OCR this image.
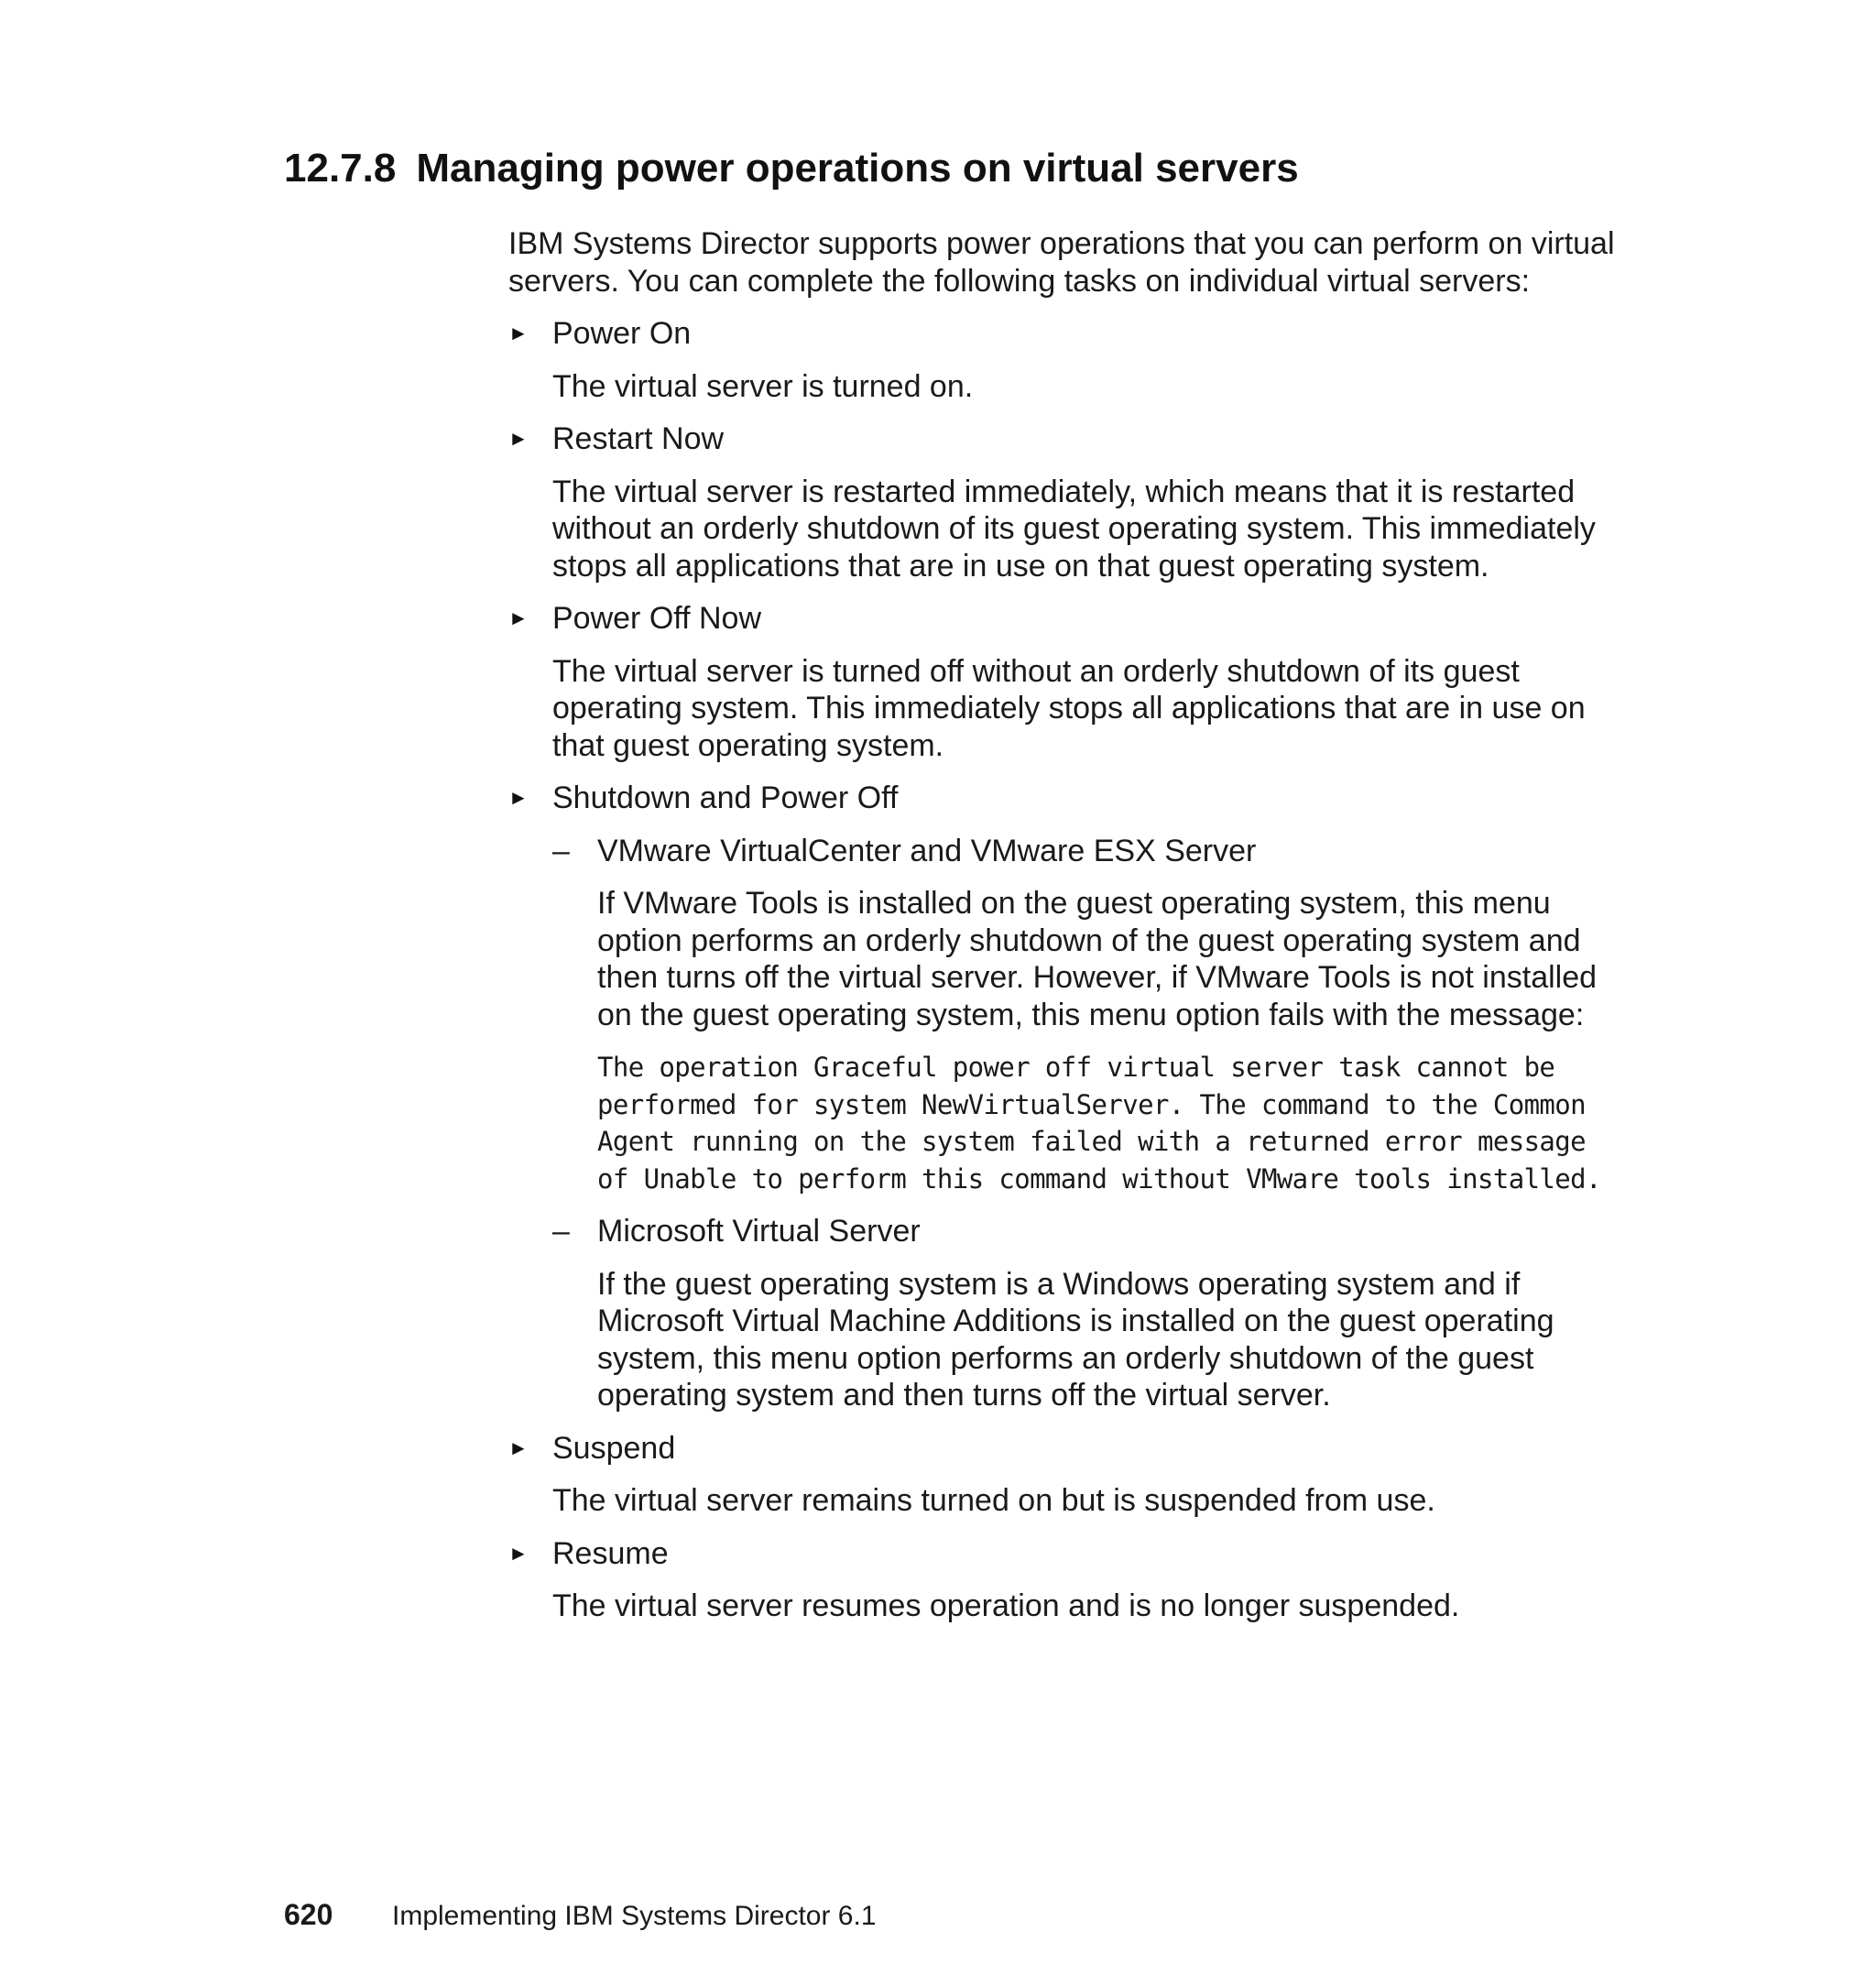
12.7.8 Managing power operations on virtual servers

IBM Systems Director supports power operations that you can perform on virtual servers. You can complete the following tasks on individual virtual servers:

► Power On

The virtual server is turned on.

► Restart Now

The virtual server is restarted immediately, which means that it is restarted without an orderly shutdown of its guest operating system. This immediately stops all applications that are in use on that guest operating system.

► Power Off Now

The virtual server is turned off without an orderly shutdown of its guest operating system. This immediately stops all applications that are in use on that guest operating system.

► Shutdown and Power Off

– VMware VirtualCenter and VMware ESX Server

If VMware Tools is installed on the guest operating system, this menu option performs an orderly shutdown of the guest operating system and then turns off the virtual server. However, if VMware Tools is not installed on the guest operating system, this menu option fails with the message:

The operation Graceful power off virtual server task cannot be
performed for system NewVirtualServer. The command to the Common
Agent running on the system failed with a returned error message
of Unable to perform this command without VMware tools installed.

– Microsoft Virtual Server

If the guest operating system is a Windows operating system and if Microsoft Virtual Machine Additions is installed on the guest operating system, this menu option performs an orderly shutdown of the guest operating system and then turns off the virtual server.

► Suspend

The virtual server remains turned on but is suspended from use.

► Resume

The virtual server resumes operation and is no longer suspended.

620 Implementing IBM Systems Director 6.1
